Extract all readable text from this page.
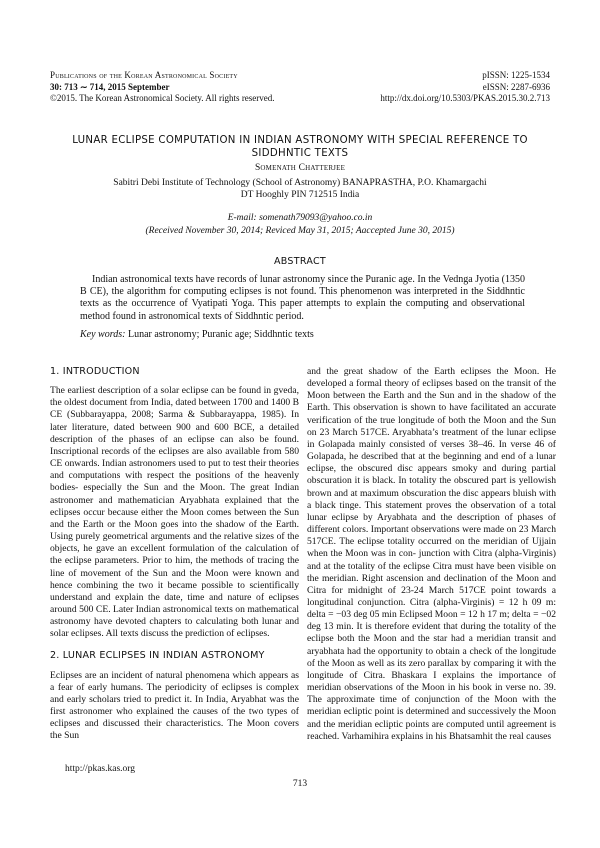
Publications of the Korean Astronomical Society
30: 713 ∼ 714, 2015 September
©2015. The Korean Astronomical Society. All rights reserved.
pISSN: 1225-1534
eISSN: 2287-6936
http://dx.doi.org/10.5303/PKAS.2015.30.2.713
LUNAR ECLIPSE COMPUTATION IN INDIAN ASTRONOMY WITH SPECIAL REFERENCE TO SIDDHNTIC TEXTS
Somenath Chatterjee
Sabitri Debi Institute of Technology (School of Astronomy) BANAPRASTHA, P.O. Khamargachi
DT Hooghly PIN 712515 India
E-mail: somenath79093@yahoo.co.in
(Received November 30, 2014; Reviced May 31, 2015; Aaccepted June 30, 2015)
ABSTRACT

Indian astronomical texts have records of lunar astronomy since the Puranic age. In the Vednga Jyotia (1350 B CE), the algorithm for computing eclipses is not found. This phenomenon was interpreted in the Siddhntic texts as the occurrence of Vyatipati Yoga. This paper attempts to explain the computing and observational method found in astronomical texts of Siddhntic period.

Key words: Lunar astronomy; Puranic age; Siddhntic texts
1. INTRODUCTION

The earliest description of a solar eclipse can be found in gveda, the oldest document from India, dated between 1700 and 1400 B CE (Subbarayappa, 2008; Sarma & Subbarayappa, 1985). In later literature, dated between 900 and 600 BCE, a detailed description of the phases of an eclipse can also be found. Inscriptional records of the eclipses are also available from 580 CE onwards. Indian astronomers used to put to test their theories and computations with respect the positions of the heavenly bodies- especially the Sun and the Moon. The great Indian astronomer and mathematician Aryabhata explained that the eclipses occur because either the Moon comes between the Sun and the Earth or the Moon goes into the shadow of the Earth. Using purely geometrical arguments and the relative sizes of the objects, he gave an excellent formulation of the calculation of the eclipse parameters. Prior to him, the methods of tracing the line of movement of the Sun and the Moon were known and hence combining the two it became possible to scientifically understand and explain the date, time and nature of eclipses around 500 CE. Later Indian astronomical texts on mathematical astronomy have devoted chapters to calculating both lunar and solar eclipses. All texts discuss the prediction of eclipses.

2. LUNAR ECLIPSES IN INDIAN ASTRONOMY

Eclipses are an incident of natural phenomena which appears as a fear of early humans. The periodicity of eclipses is complex and early scholars tried to predict it. In India, Aryabhat was the first astronomer who explained the causes of the two types of eclipses and discussed their characteristics. The Moon covers the Sun

and the great shadow of the Earth eclipses the Moon. He developed a formal theory of eclipses based on the transit of the Moon between the Earth and the Sun and in the shadow of the Earth. This observation is shown to have facilitated an accurate verification of the true longitude of both the Moon and the Sun on 23 March 517CE. Aryabhata’s treatment of the lunar eclipse in Golapada mainly consisted of verses 38–46. In verse 46 of Golapada, he described that at the beginning and end of a lunar eclipse, the obscured disc appears smoky and during partial obscuration it is black. In totality the obscured part is yellowish brown and at maximum obscuration the disc appears bluish with a black tinge. This statement proves the observation of a total lunar eclipse by Aryabhata and the description of phases of different colors. Important observations were made on 23 March 517CE. The eclipse totality occurred on the meridian of Ujjain when the Moon was in con- junction with Citra (alpha-Virginis) and at the totality of the eclipse Citra must have been visible on the meridian. Right ascension and declination of the Moon and Citra for midnight of 23-24 March 517CE point towards a longitudinal conjunction. Citra (alpha-Virginis) = 12 h 09 m: delta = −03 deg 05 min Eclipsed Moon = 12 h 17 m; delta = −02 deg 13 min. It is therefore evident that during the totality of the eclipse both the Moon and the star had a meridian transit and aryabhata had the opportunity to obtain a check of the longitude of the Moon as well as its zero parallax by comparing it with the longitude of Citra. Bhaskara I explains the importance of meridian observations of the Moon in his book in verse no. 39. The approximate time of conjunction of the Moon with the meridian ecliptic point is determined and successively the Moon and the meridian ecliptic points are computed until agreement is reached. Varhamihira explains in his Bhatsamhit the real causes

http://pkas.kas.org
713
